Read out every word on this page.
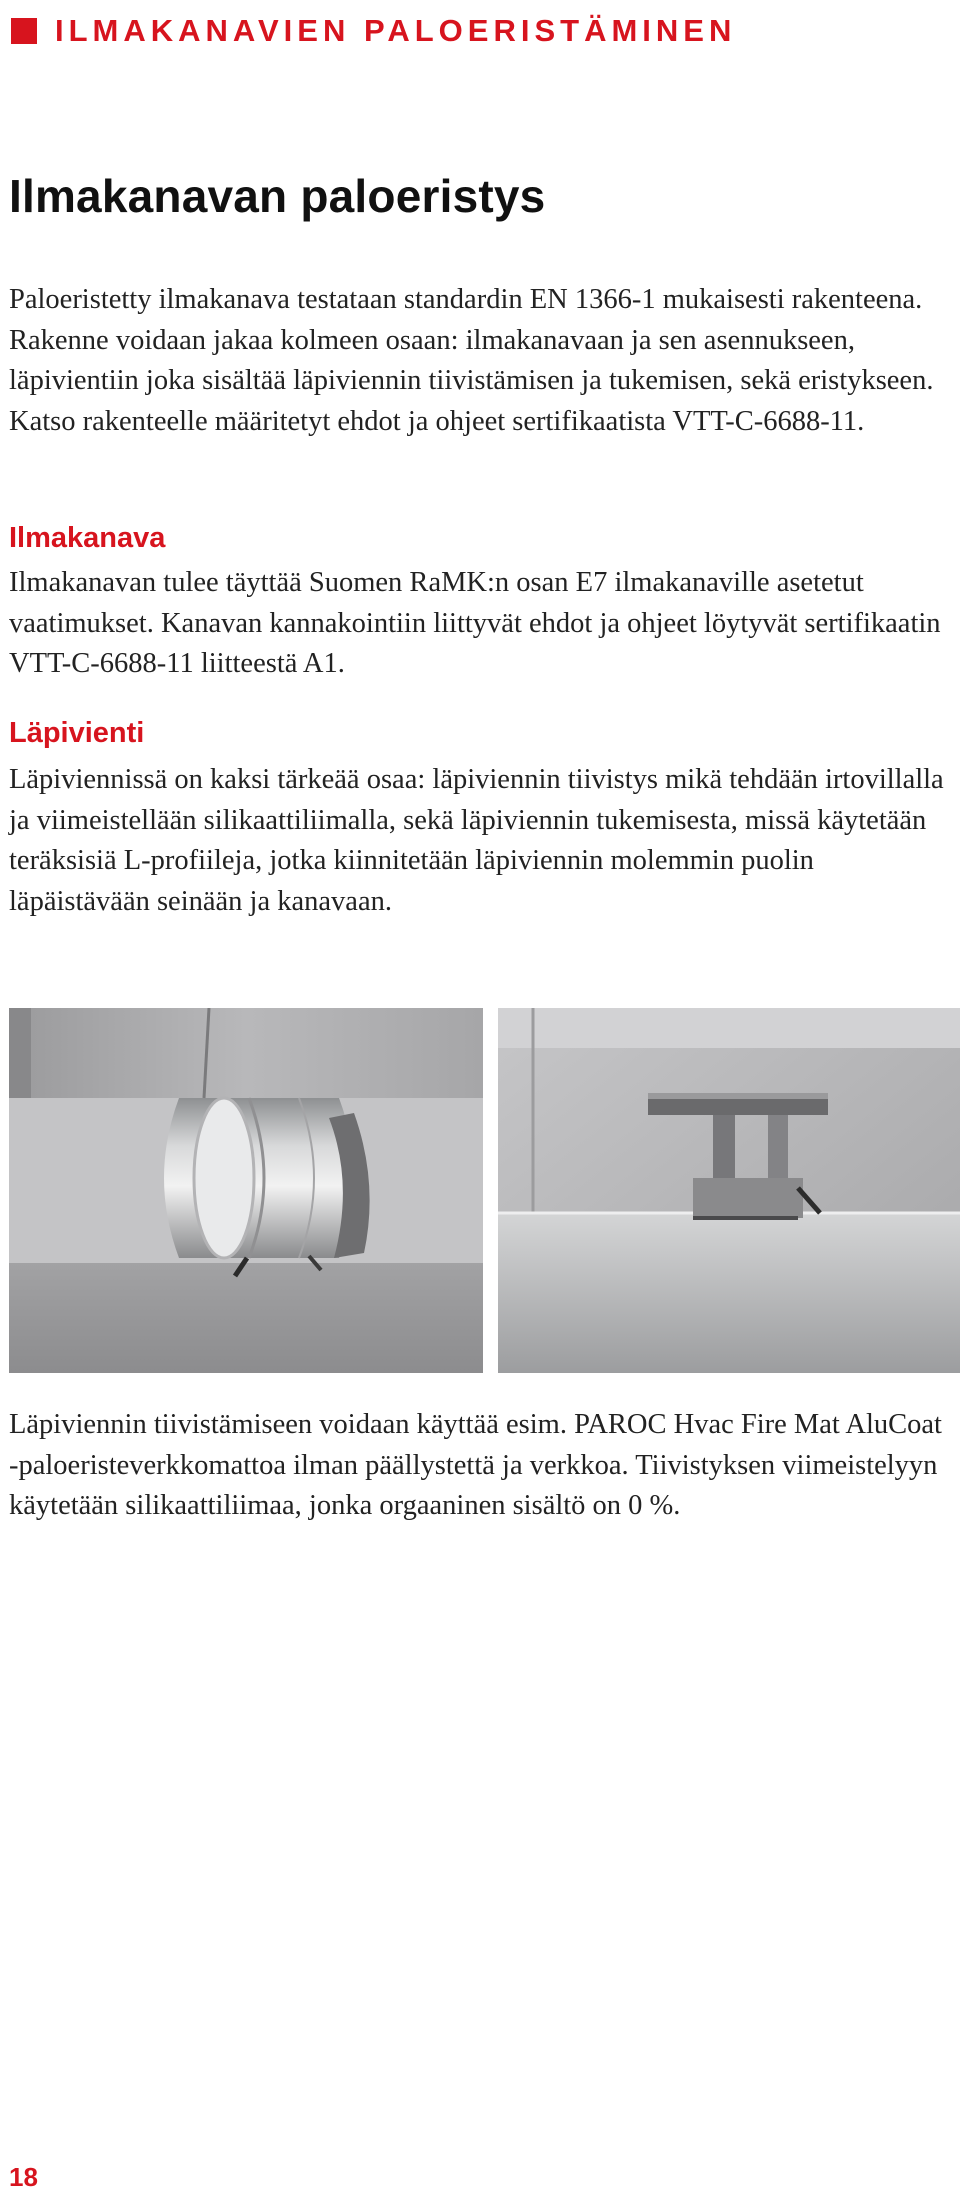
ILMAKANAVIEN PALOERISTÄMINEN
Ilmakanavan paloeristys

Paloeristetty ilmakanava testataan standardin EN 1366-1 mukaisesti rakenteena. Rakenne voidaan jakaa kolmeen osaan: ilmakanavaan ja sen asennukseen, läpivientiin joka sisältää läpiviennin tiivistämisen ja tukemisen, sekä eristykseen. Katso rakenteelle määritetyt ehdot ja ohjeet sertifikaatista VTT-C-6688-11.

Ilmakanava

Ilmakanavan tulee täyttää Suomen RaMK:n osan E7 ilmakanaville asetetut vaatimukset. Kanavan kannakointiin liittyvät ehdot ja ohjeet löytyvät sertifikaatin VTT-C-6688-11 liitteestä A1.

Läpivienti

Läpiviennissä on kaksi tärkeää osaa: läpiviennin tiivistys mikä tehdään irtovillalla ja viimeistellään silikaattiliimalla, sekä läpiviennin tukemisesta, missä käytetään teräksisiä L-profiileja, jotka kiinnitetään läpiviennin molemmin puolin läpäistävään seinään ja kanavaan.

Läpiviennin tiivistämiseen voidaan käyttää esim. PAROC Hvac Fire Mat AluCoat -paloeristeverkkomattoa ilman päällystettä ja verkkoa. Tiivistyksen viimeistelyyn käytetään silikaattiliimaa, jonka orgaaninen sisältö on 0 %.

18
